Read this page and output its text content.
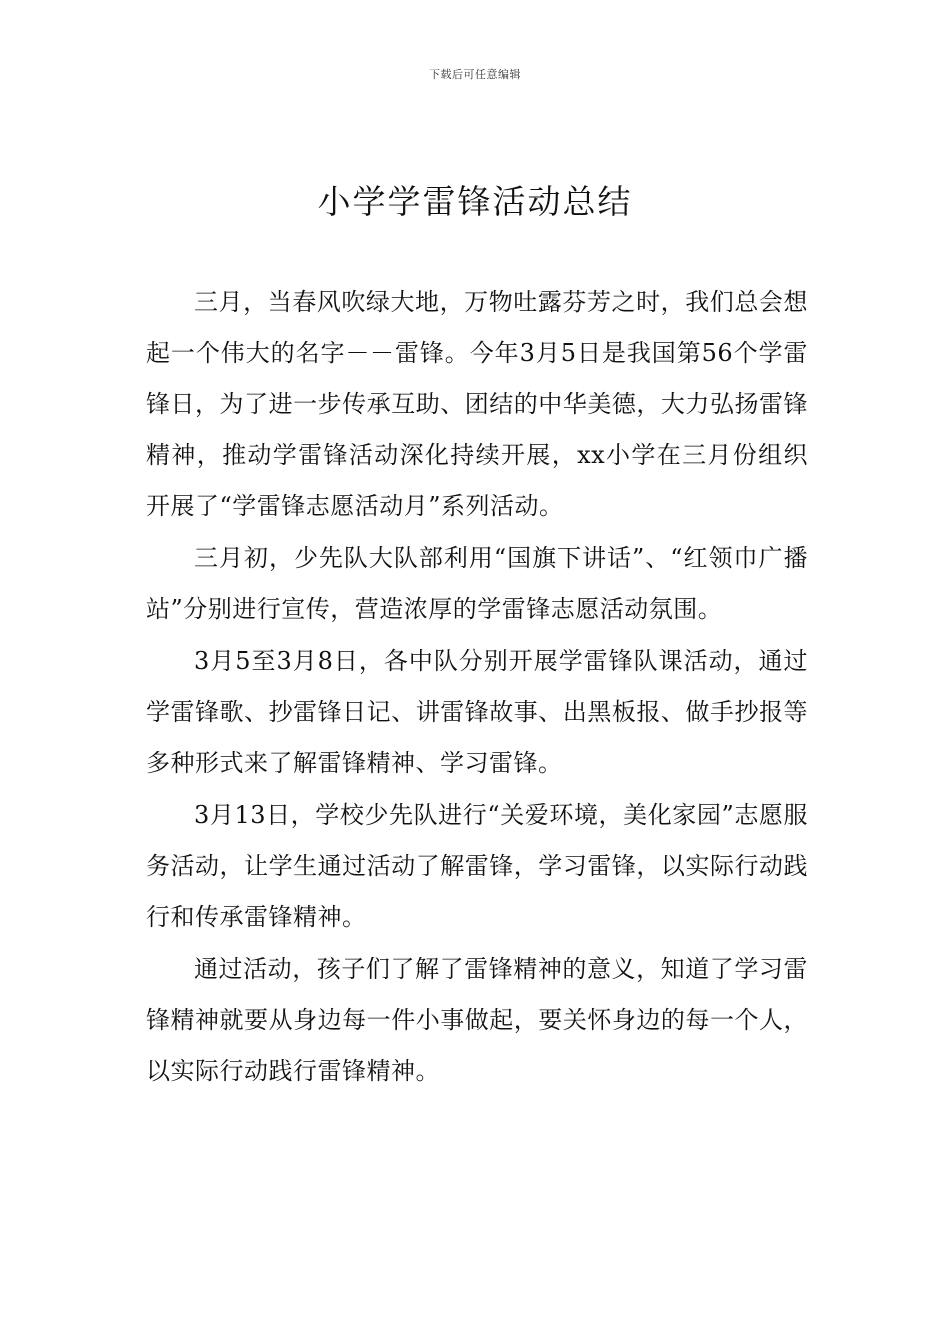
下载后可任意编辑
小学学雷锋活动总结

三月，当春风吹绿大地，万物吐露芬芳之时，我们总会想起一个伟大的名字－－雷锋。今年3月5日是我国第56个学雷锋日，为了进一步传承互助、团结的中华美德，大力弘扬雷锋精神，推动学雷锋活动深化持续开展，xx小学在三月份组织开展了“学雷锋志愿活动月”系列活动。

三月初，少先队大队部利用“国旗下讲话”、“红领巾广播站”分别进行宣传，营造浓厚的学雷锋志愿活动氛围。

3月5至3月8日，各中队分别开展学雷锋队课活动，通过学雷锋歌、抄雷锋日记、讲雷锋故事、出黑板报、做手抄报等多种形式来了解雷锋精神、学习雷锋。

3月13日，学校少先队进行“关爱环境，美化家园”志愿服务活动，让学生通过活动了解雷锋，学习雷锋，以实际行动践行和传承雷锋精神。

通过活动，孩子们了解了雷锋精神的意义，知道了学习雷锋精神就要从身边每一件小事做起，要关怀身边的每一个人，以实际行动践行雷锋精神。
